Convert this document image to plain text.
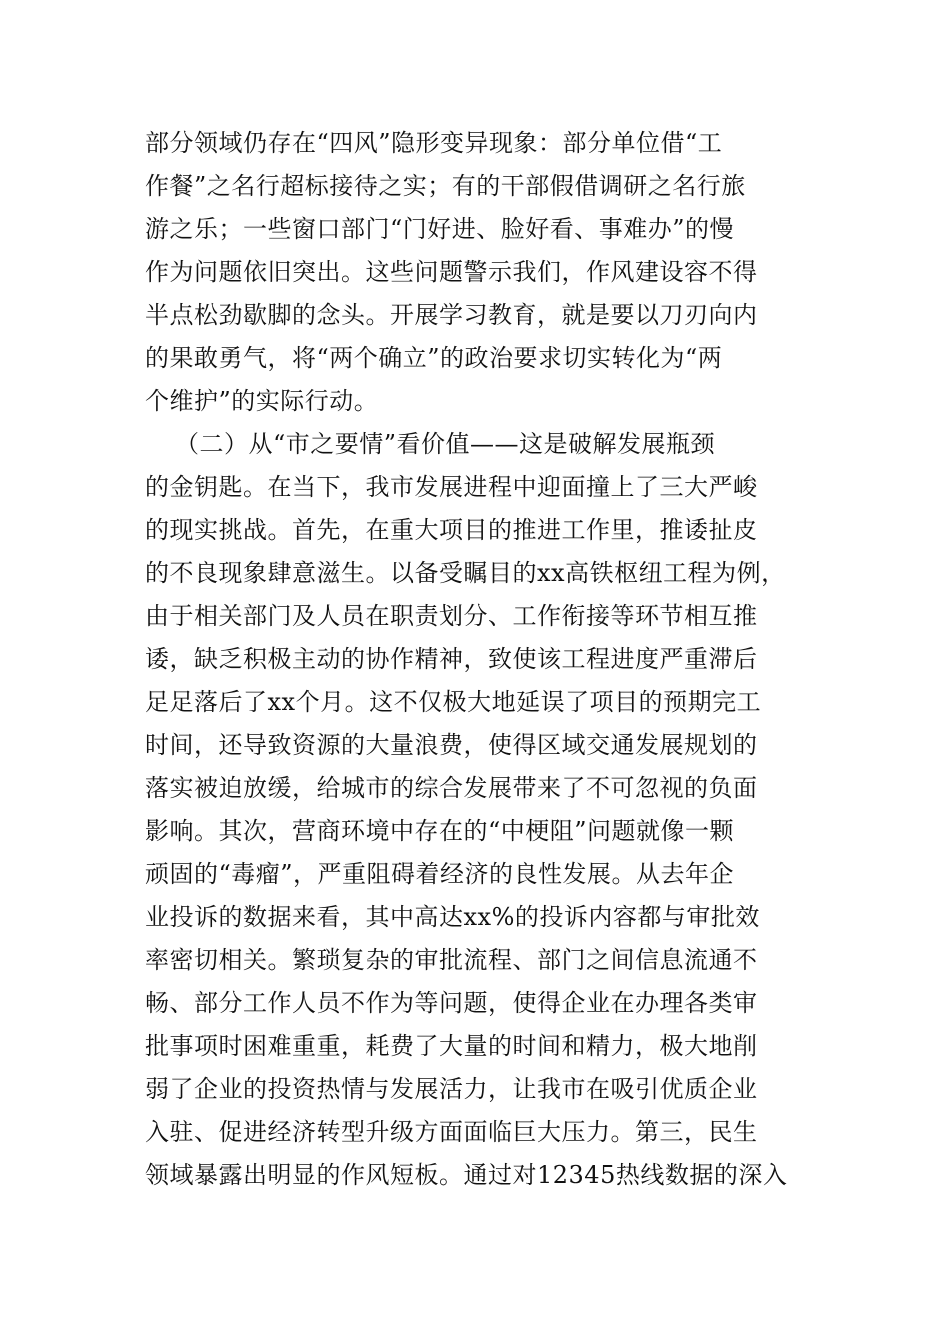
部分领域仍存在“四风”隐形变异现象：部分单位借“工
作餐”之名行超标接待之实；有的干部假借调研之名行旅
游之乐；一些窗口部门“门好进、脸好看、事难办”的慢
作为问题依旧突出。这些问题警示我们，作风建设容不得
半点松劲歇脚的念头。开展学习教育，就是要以刀刃向内
的果敢勇气，将“两个确立”的政治要求切实转化为“两
个维护”的实际行动。
（二）从“市之要情”看价值——这是破解发展瓶颈
的金钥匙。在当下，我市发展进程中迎面撞上了三大严峻
的现实挑战。首先，在重大项目的推进工作里，推诿扯皮
的不良现象肆意滋生。以备受瞩目的xx高铁枢纽工程为例，
由于相关部门及人员在职责划分、工作衔接等环节相互推
诿，缺乏积极主动的协作精神，致使该工程进度严重滞后
足足落后了xx个月。这不仅极大地延误了项目的预期完工
时间，还导致资源的大量浪费，使得区域交通发展规划的
落实被迫放缓，给城市的综合发展带来了不可忽视的负面
影响。其次，营商环境中存在的“中梗阻”问题就像一颗
顽固的“毒瘤”，严重阻碍着经济的良性发展。从去年企
业投诉的数据来看，其中高达xx%的投诉内容都与审批效
率密切相关。繁琐复杂的审批流程、部门之间信息流通不
畅、部分工作人员不作为等问题，使得企业在办理各类审
批事项时困难重重，耗费了大量的时间和精力，极大地削
弱了企业的投资热情与发展活力，让我市在吸引优质企业
入驻、促进经济转型升级方面面临巨大压力。第三，民生
领域暴露出明显的作风短板。通过对12345热线数据的深入
